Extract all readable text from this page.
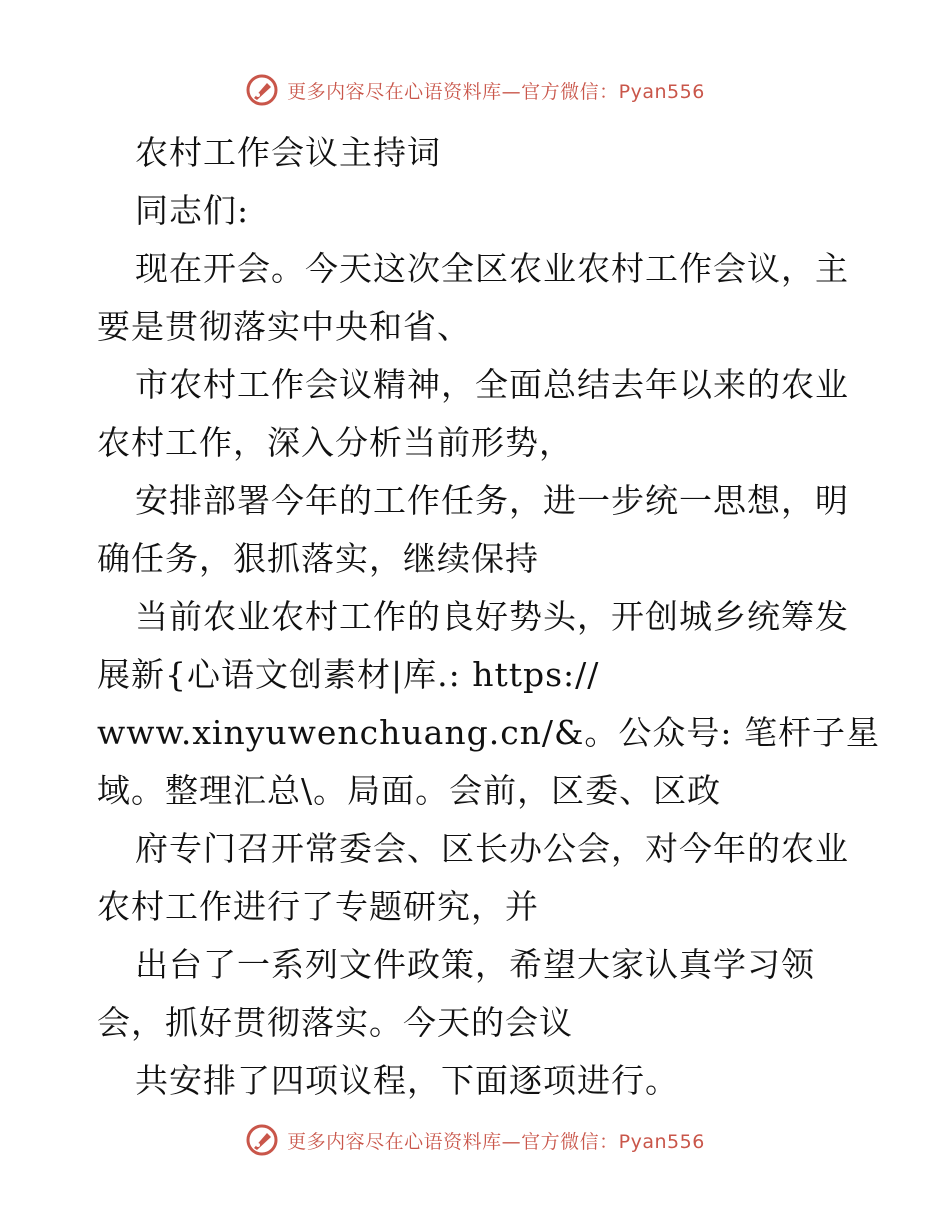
更多内容尽在心语资料库—官方微信：Pyan556
农村工作会议主持词
同志们:
现在开会。今天这次全区农业农村工作会议，主
要是贯彻落实中央和省、
市农村工作会议精神，全面总结去年以来的农业
农村工作，深入分析当前形势，
安排部署今年的工作任务，进一步统一思想，明
确任务，狠抓落实，继续保持
当前农业农村工作的良好势头，开创城乡统筹发
展新{心语文创素材|库.: https://
www.xinyuwenchuang.cn/&。公众号: 笔杆子星
域。整理汇总\。局面。会前，区委、区政
府专门召开常委会、区长办公会，对今年的农业
农村工作进行了专题研究，并
出台了一系列文件政策，希望大家认真学习领
会，抓好贯彻落实。今天的会议
共安排了四项议程，下面逐项进行。
更多内容尽在心语资料库—官方微信：Pyan556
